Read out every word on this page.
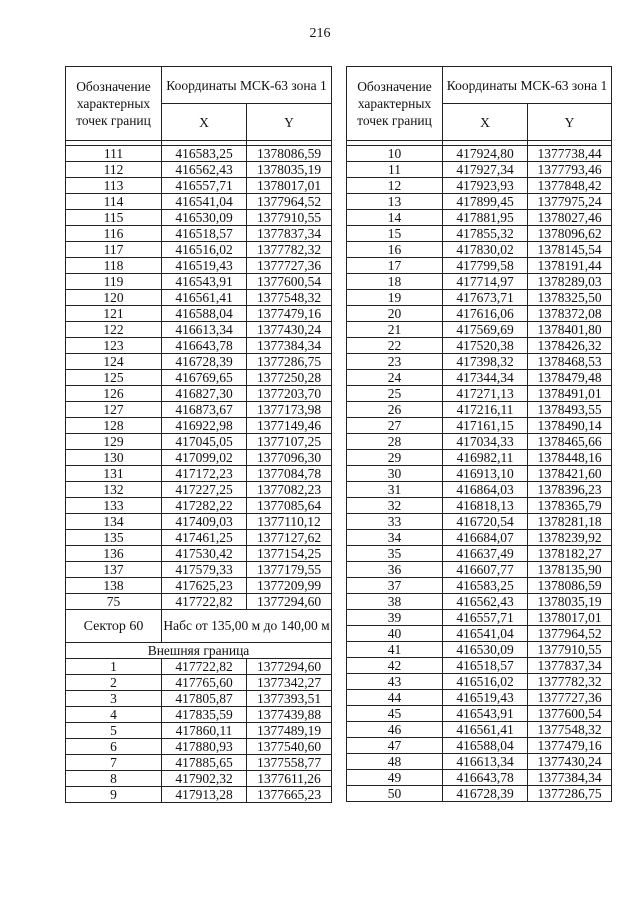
216
Обозначение характерных точек границ	Координаты МСК-63 зона 1	
	X	Y

111	416583,25	1378086,59
112	416562,43	1378035,19
113	416557,71	1378017,01
114	416541,04	1377964,52
115	416530,09	1377910,55
116	416518,57	1377837,34
117	416516,02	1377782,32
118	416519,43	1377727,36
119	416543,91	1377600,54
120	416561,41	1377548,32
121	416588,04	1377479,16
122	416613,34	1377430,24
123	416643,78	1377384,34
124	416728,39	1377286,75
125	416769,65	1377250,28
126	416827,30	1377203,70
127	416873,67	1377173,98
128	416922,98	1377149,46
129	417045,05	1377107,25
130	417099,02	1377096,30
131	417172,23	1377084,78
132	417227,25	1377082,23
133	417282,22	1377085,64
134	417409,03	1377110,12
135	417461,25	1377127,62
136	417530,42	1377154,25
137	417579,33	1377179,55
138	417625,23	1377209,99
75	417722,82	1377294,60
Сектор 60	Набс от 135,00 м до 140,00 м	
Внешняя граница		
1	417722,82	1377294,60
2	417765,60	1377342,27
3	417805,87	1377393,51
4	417835,59	1377439,88
5	417860,11	1377489,19
6	417880,93	1377540,60
7	417885,65	1377558,77
8	417902,32	1377611,26
9	417913,28	1377665,23
Обозначение характерных точек границ	Координаты МСК-63 зона 1	
	X	Y

10	417924,80	1377738,44
11	417927,34	1377793,46
12	417923,93	1377848,42
13	417899,45	1377975,24
14	417881,95	1378027,46
15	417855,32	1378096,62
16	417830,02	1378145,54
17	417799,58	1378191,44
18	417714,97	1378289,03
19	417673,71	1378325,50
20	417616,06	1378372,08
21	417569,69	1378401,80
22	417520,38	1378426,32
23	417398,32	1378468,53
24	417344,34	1378479,48
25	417271,13	1378491,01
26	417216,11	1378493,55
27	417161,15	1378490,14
28	417034,33	1378465,66
29	416982,11	1378448,16
30	416913,10	1378421,60
31	416864,03	1378396,23
32	416818,13	1378365,79
33	416720,54	1378281,18
34	416684,07	1378239,92
35	416637,49	1378182,27
36	416607,77	1378135,90
37	416583,25	1378086,59
38	416562,43	1378035,19
39	416557,71	1378017,01
40	416541,04	1377964,52
41	416530,09	1377910,55
42	416518,57	1377837,34
43	416516,02	1377782,32
44	416519,43	1377727,36
45	416543,91	1377600,54
46	416561,41	1377548,32
47	416588,04	1377479,16
48	416613,34	1377430,24
49	416643,78	1377384,34
50	416728,39	1377286,75
